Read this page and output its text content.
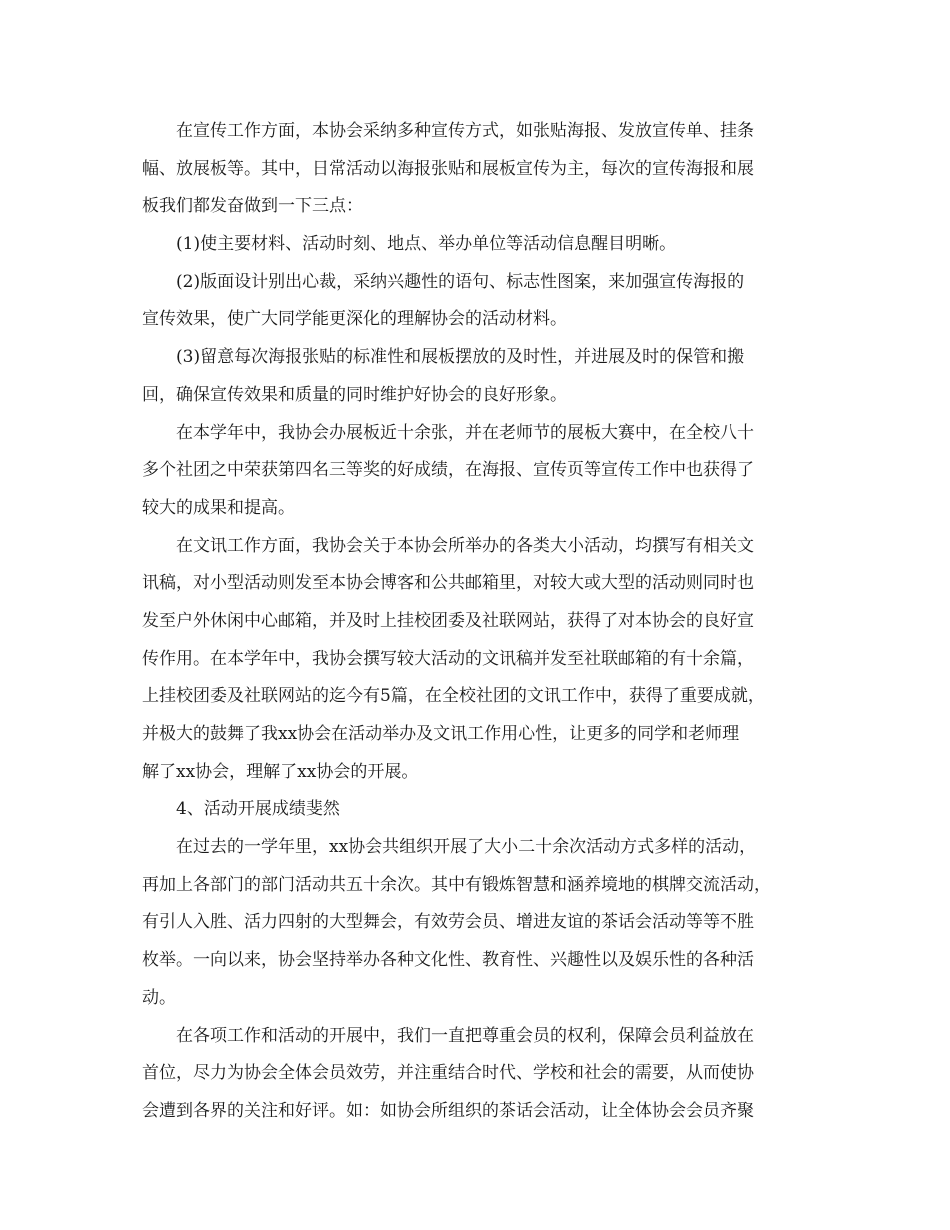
在宣传工作方面，本协会采纳多种宣传方式，如张贴海报、发放宣传单、挂条
幅、放展板等。其中，日常活动以海报张贴和展板宣传为主，每次的宣传海报和展
板我们都发奋做到一下三点：
(1)使主要材料、活动时刻、地点、举办单位等活动信息醒目明晰。
(2)版面设计别出心裁，采纳兴趣性的语句、标志性图案，来加强宣传海报的
宣传效果，使广大同学能更深化的理解协会的活动材料。
(3)留意每次海报张贴的标准性和展板摆放的及时性，并进展及时的保管和搬
回，确保宣传效果和质量的同时维护好协会的良好形象。
在本学年中，我协会办展板近十余张，并在老师节的展板大赛中，在全校八十
多个社团之中荣获第四名三等奖的好成绩，在海报、宣传页等宣传工作中也获得了
较大的成果和提高。
在文讯工作方面，我协会关于本协会所举办的各类大小活动，均撰写有相关文
讯稿，对小型活动则发至本协会博客和公共邮箱里，对较大或大型的活动则同时也
发至户外休闲中心邮箱，并及时上挂校团委及社联网站，获得了对本协会的良好宣
传作用。在本学年中，我协会撰写较大活动的文讯稿并发至社联邮箱的有十余篇，
上挂校团委及社联网站的迄今有5篇，在全校社团的文讯工作中，获得了重要成就，
并极大的鼓舞了我xx协会在活动举办及文讯工作用心性，让更多的同学和老师理
解了xx协会，理解了xx协会的开展。
4、活动开展成绩斐然
在过去的一学年里，xx协会共组织开展了大小二十余次活动方式多样的活动，
再加上各部门的部门活动共五十余次。其中有锻炼智慧和涵养境地的棋牌交流活动，
有引人入胜、活力四射的大型舞会，有效劳会员、增进友谊的茶话会活动等等不胜
枚举。一向以来，协会坚持举办各种文化性、教育性、兴趣性以及娱乐性的各种活
动。
在各项工作和活动的开展中，我们一直把尊重会员的权利，保障会员利益放在
首位，尽力为协会全体会员效劳，并注重结合时代、学校和社会的需要，从而使协
会遭到各界的关注和好评。如：如协会所组织的茶话会活动，让全体协会会员齐聚
